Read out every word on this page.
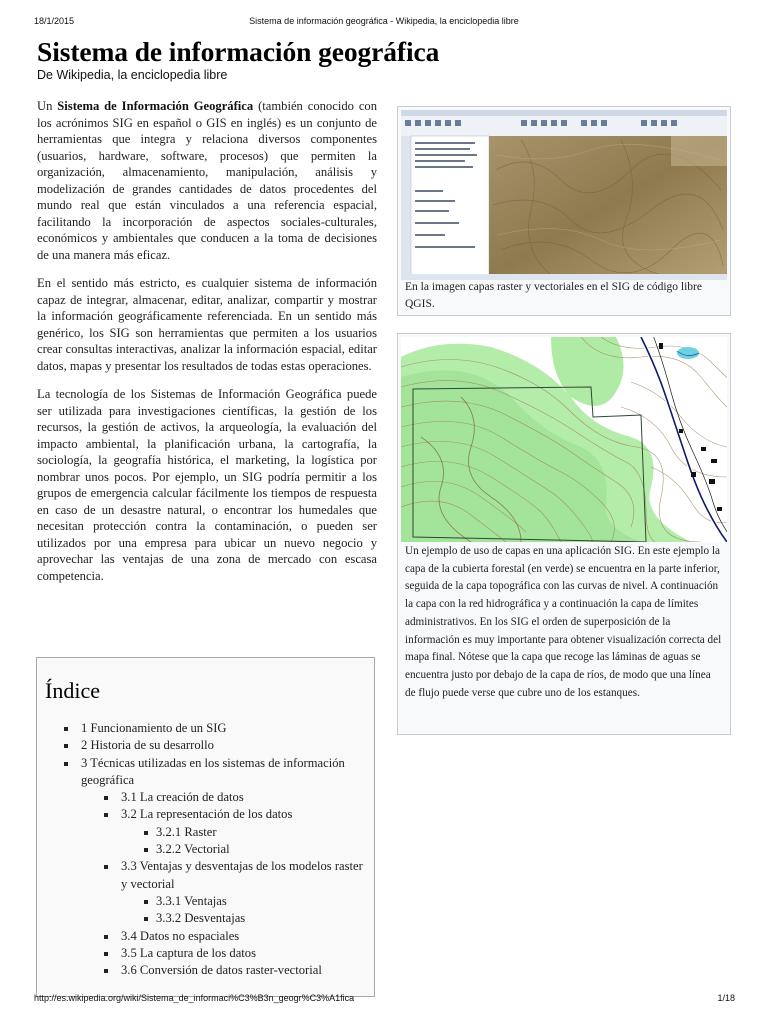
18/1/2015	Sistema de información geográfica - Wikipedia, la enciclopedia libre
Sistema de información geográfica
De Wikipedia, la enciclopedia libre

Un Sistema de Información Geográfica (también conocido con los acrónimos SIG en español o GIS en inglés) es un conjunto de herramientas que integra y relaciona diversos componentes (usuarios, hardware, software, procesos) que permiten la organización, almacenamiento, manipulación, análisis y modelización de grandes cantidades de datos procedentes del mundo real que están vinculados a una referencia espacial, facilitando la incorporación de aspectos sociales-culturales, económicos y ambientales que conducen a la toma de decisiones de una manera más eficaz.

En el sentido más estricto, es cualquier sistema de información capaz de integrar, almacenar, editar, analizar, compartir y mostrar la información geográficamente referenciada. En un sentido más genérico, los SIG son herramientas que permiten a los usuarios crear consultas interactivas, analizar la información espacial, editar datos, mapas y presentar los resultados de todas estas operaciones.

La tecnología de los Sistemas de Información Geográfica puede ser utilizada para investigaciones científicas, la gestión de los recursos, la gestión de activos, la arqueología, la evaluación del impacto ambiental, la planificación urbana, la cartografía, la sociología, la geografía histórica, el marketing, la logística por nombrar unos pocos. Por ejemplo, un SIG podría permitir a los grupos de emergencia calcular fácilmente los tiempos de respuesta en caso de un desastre natural, o encontrar los humedales que necesitan protección contra la contaminación, o pueden ser utilizados por una empresa para ubicar un nuevo negocio y aprovechar las ventajas de una zona de mercado con escasa competencia.

Índice
1 Funcionamiento de un SIG
2 Historia de su desarrollo
3 Técnicas utilizadas en los sistemas de información geográfica
3.1 La creación de datos
3.2 La representación de los datos
3.2.1 Raster
3.2.2 Vectorial
3.3 Ventajas y desventajas de los modelos raster y vectorial
3.3.1 Ventajas
3.3.2 Desventajas
3.4 Datos no espaciales
3.5 La captura de los datos
3.6 Conversión de datos raster-vectorial
En la imagen capas raster y vectoriales en el SIG de código libre QGIS.
Un ejemplo de uso de capas en una aplicación SIG. En este ejemplo la capa de la cubierta forestal (en verde) se encuentra en la parte inferior, seguida de la capa topográfica con las curvas de nivel. A continuación la capa con la red hidrográfica y a continuación la capa de límites administrativos. En los SIG el orden de superposición de la información es muy importante para obtener visualización correcta del mapa final. Nótese que la capa que recoge las láminas de aguas se encuentra justo por debajo de la capa de ríos, de modo que una línea de flujo puede verse que cubre uno de los estanques.
http://es.wikipedia.org/wiki/Sistema_de_informaci%C3%B3n_geogr%C3%A1fica	1/18
